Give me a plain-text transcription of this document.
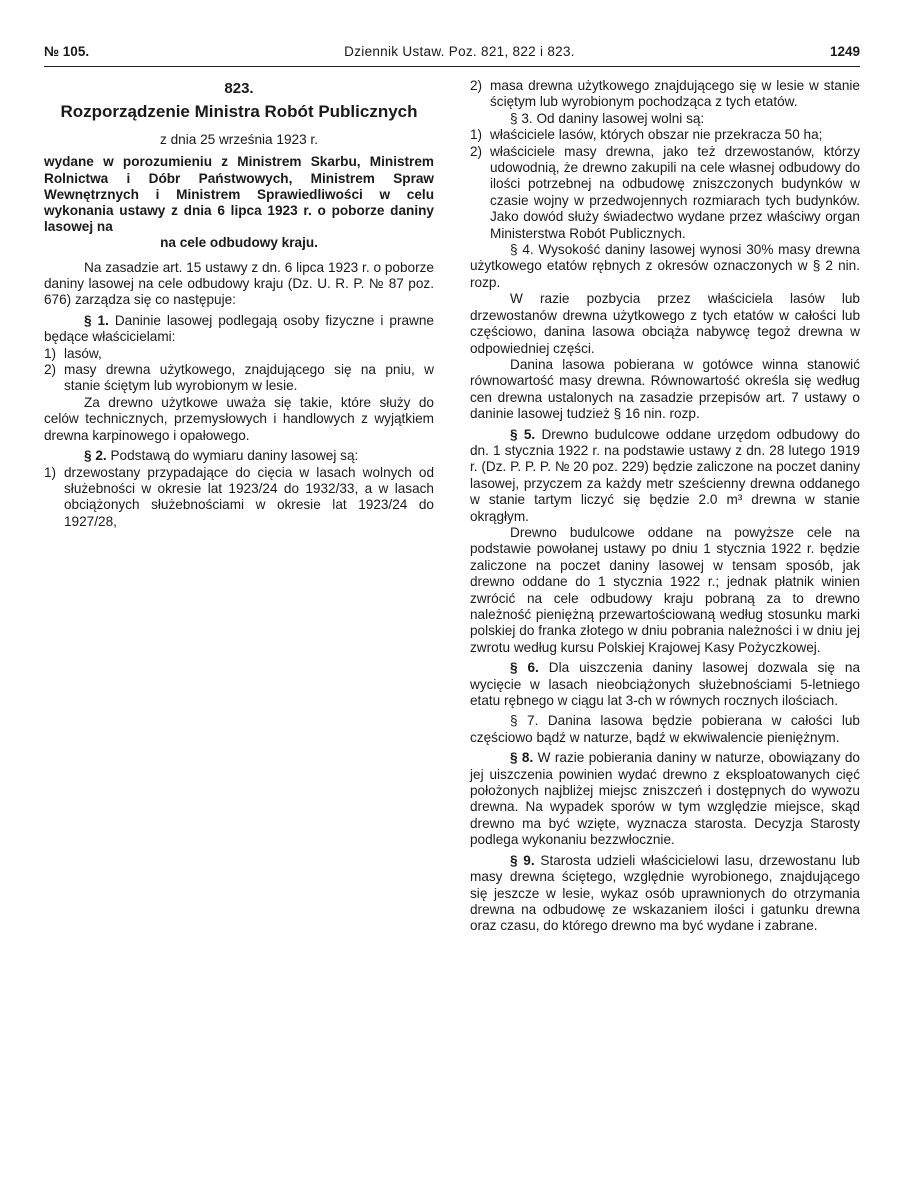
№ 105.	Dziennik Ustaw. Poz. 821, 822 i 823.	1249
823.
Rozporządzenie Ministra Robót Publicznych
z dnia 25 września 1923 r.

wydane w porozumieniu z Ministrem Skarbu, Ministrem Rolnictwa i Dóbr Państwowych, Ministrem Spraw Wewnętrznych i Ministrem Sprawiedliwości w celu wykonania ustawy z dnia 6 lipca 1923 r. o poborze daniny lasowej na
na cele odbudowy kraju.

Na zasadzie art. 15 ustawy z dn. 6 lipca 1923 r. o poborze daniny lasowej na cele odbudowy kraju (Dz. U. R. P. № 87 poz. 676) zarządza się co następuje:

§ 1. Daninie lasowej podlegają osoby fizyczne i prawne będące właścicielami:

1) lasów,
2) masy drewna użytkowego, znajdującego się na pniu, w stanie ściętym lub wyrobionym w lesie.

Za drewno użytkowe uważa się takie, które służy do celów technicznych, przemysłowych i handlowych z wyjątkiem drewna karpinowego i opałowego.

§ 2. Podstawą do wymiaru daniny lasowej są:

1) drzewostany przypadające do cięcia w lasach wolnych od służebności w okresie lat 1923/24 do 1932/33, a w lasach obciążonych służebnościami w okresie lat 1923/24 do 1927/28,
2) masa drewna użytkowego znajdującego się w lesie w stanie ściętym lub wyrobionym pochodząca z tych etatów.

§ 3. Od daniny lasowej wolni są:

1) właściciele lasów, których obszar nie przekracza 50 ha;
2) właściciele masy drewna, jako też drzewostanów, którzy udowodnią, że drewno zakupili na cele własnej odbudowy do ilości potrzebnej na odbudowę zniszczonych budynków w czasie wojny w przedwojennych rozmiarach tych budynków. Jako dowód służy świadectwo wydane przez właściwy organ Ministerstwa Robót Publicznych.

§ 4. Wysokość daniny lasowej wynosi 30% masy drewna użytkowego etatów rębnych z okresów oznaczonych w § 2 nin. rozp.

W razie pozbycia przez właściciela lasów lub drzewostanów drewna użytkowego z tych etatów w całości lub częściowo, danina lasowa obciąża nabywcę tegoż drewna w odpowiedniej części.

Danina lasowa pobierana w gotówce winna stanowić równowartość masy drewna. Równowartość określa się według cen drewna ustalonych na zasadzie przepisów art. 7 ustawy o daninie lasowej tudzież § 16 nin. rozp.

§ 5. Drewno budulcowe oddane urzędom odbudowy do dn. 1 stycznia 1922 r. na podstawie ustawy z dn. 28 lutego 1919 r. (Dz. P. P. P. № 20 poz. 229) będzie zaliczone na poczet daniny lasowej, przyczem za każdy metr sześcienny drewna oddanego w stanie tartym liczyć się będzie 2.0 m³ drewna w stanie okrągłym.

Drewno budulcowe oddane na powyższe cele na podstawie powołanej ustawy po dniu 1 stycznia 1922 r. będzie zaliczone na poczet daniny lasowej w tensam sposób, jak drewno oddane do 1 stycznia 1922 r.; jednak płatnik winien zwrócić na cele odbudowy kraju pobraną za to drewno należność pieniężną przewartościowaną według stosunku marki polskiej do franka złotego w dniu pobrania należności i w dniu jej zwrotu według kursu Polskiej Krajowej Kasy Pożyczkowej.

§ 6. Dla uiszczenia daniny lasowej dozwala się na wycięcie w lasach nieobciążonych służebnościami 5-letniego etatu rębnego w ciągu lat 3-ch w równych rocznych ilościach.

§ 7. Danina lasowa będzie pobierana w całości lub częściowo bądź w naturze, bądź w ekwiwalencie pieniężnym.

§ 8. W razie pobierania daniny w naturze, obowiązany do jej uiszczenia powinien wydać drewno z eksploatowanych cięć położonych najbliżej miejsc zniszczeń i dostępnych do wywozu drewna. Na wypadek sporów w tym względzie miejsce, skąd drewno ma być wzięte, wyznacza starosta. Decyzja Starosty podlega wykonaniu bezzwłocznie.

§ 9. Starosta udzieli właścicielowi lasu, drzewostanu lub masy drewna ściętego, względnie wyrobionego, znajdującego się jeszcze w lesie, wykaz osób uprawnionych do otrzymania drewna na odbudowę ze wskazaniem ilości i gatunku drewna oraz czasu, do którego drewno ma być wydane i zabrane.
